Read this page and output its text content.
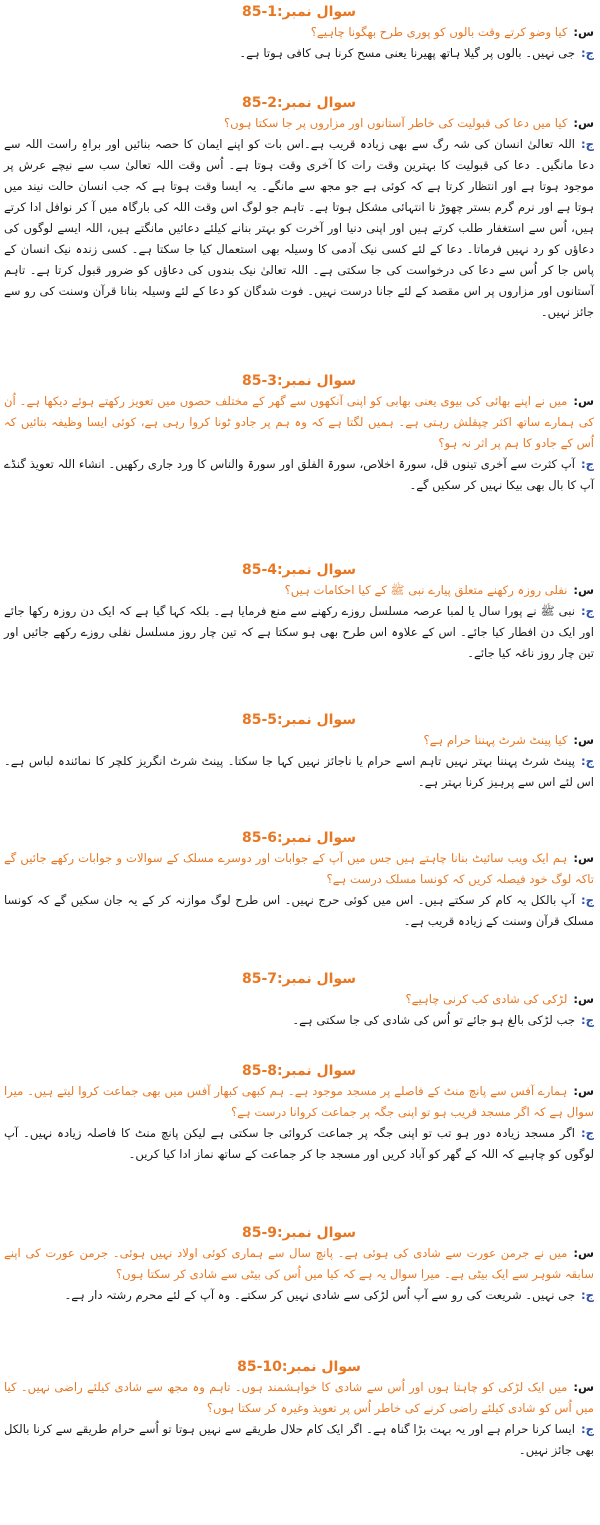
سوال نمبر:1-85
س:کیا وضو کرتے وقت بالوں کو پوری طرح بھگونا چاہیے؟
ج:جی نہیں۔ بالوں پر گیلا ہاتھ پھیرنا یعنی مسح کرنا ہی کافی ہوتا ہے۔
سوال نمبر:2-85
س:کیا میں دعا کی قبولیت کی خاطر آستانوں اور مزاروں پر جا سکتا ہوں؟
ج:اللہ تعالیٰ انسان کی شہ رگ سے بھی زیادہ قریب ہے۔اس بات کو اپنے ایمان کا حصہ بنائیں اور براہِ راست اللہ سے دعا مانگیں۔ دعا کی قبولیت کا بہترین وقت رات کا آخری وقت ہوتا ہے۔ اُس وقت اللہ تعالیٰ سب سے نیچے عرش پر موجود ہوتا ہے اور انتظار کرتا ہے کہ کوئی ہے جو مجھ سے مانگے۔ یہ ایسا وقت ہوتا ہے کہ جب انسان حالت نیند میں ہوتا ہے اور نرم گرم بستر چھوڑ نا انتہائی مشکل ہوتا ہے۔ تاہم جو لوگ اس وقت اللہ کی بارگاہ میں آ کر نوافل ادا کرتے ہیں، اُس سے استغفار طلب کرتے ہیں اور اپنی دنیا اور آخرت کو بہتر بنانے کیلئے دعائیں مانگتے ہیں، اللہ ایسے لوگوں کی دعاؤں کو رد نہیں فرماتا۔ دعا کے لئے کسی نیک آدمی کا وسیلہ بھی استعمال کیا جا سکتا ہے۔ کسی زندہ نیک انسان کے پاس جا کر اُس سے دعا کی درخواست کی جا سکتی ہے۔ اللہ تعالیٰ نیک بندوں کی دعاؤں کو ضرور قبول کرتا ہے۔ تاہم آستانوں اور مزاروں پر اس مقصد کے لئے جانا درست نہیں۔ فوت شدگان کو دعا کے لئے وسیلہ بنانا قرآن وسنت کی رو سے جائز نہیں۔
سوال نمبر:3-85
س:میں نے اپنے بھائی کی بیوی یعنی بھابی کو اپنی آنکھوں سے گھر کے مختلف حصوں میں تعویز رکھتے ہوئے دیکھا ہے۔ اُن کی ہمارے ساتھ اکثر چپقلش رہتی ہے۔ ہمیں لگتا ہے کہ وہ ہم پر جادو ٹونا کروا رہی ہے، کوئی ایسا وظیفہ بتائیں کہ اُس کے جادو کا ہم پر اثر نہ ہو؟
ج:آپ کثرت سے آخری تینوں قل، سورۃ اخلاص، سورۃ الفلق اور سورۃ والناس کا ورد جاری رکھیں۔ انشاء اللہ تعویذ گنڈے آپ کا بال بھی بیکا نہیں کر سکیں گے۔
سوال نمبر:4-85
س:نفلی روزہ رکھنے متعلق پیارے نبی ﷺ کے کیا احکامات ہیں؟
ج:نبی ﷺ نے پورا سال یا لمبا عرصہ مسلسل روزے رکھنے سے منع فرمایا ہے۔ بلکہ کہا گیا ہے کہ ایک دن روزہ رکھا جائے اور ایک دن افطار کیا جائے۔ اس کے علاوہ اس طرح بھی ہو سکتا ہے کہ تین چار روز مسلسل نفلی روزے رکھے جائیں اور تین چار روز ناغہ کیا جائے۔
سوال نمبر:5-85
س:کیا پینٹ شرٹ پہننا حرام ہے؟
ج:پینٹ شرٹ پہننا بہتر نہیں تاہم اسے حرام یا ناجائز نہیں کہا جا سکتا۔ پینٹ شرٹ انگریز کلچر کا نمائندہ لباس ہے۔ اس لئے اس سے پرہیز کرنا بہتر ہے۔
سوال نمبر:6-85
س:ہم ایک ویب سائیٹ بنانا چاہتے ہیں جس میں آپ کے جوابات اور دوسرے مسلک کے سوالات و جوابات رکھے جائیں گے تاکہ لوگ خود فیصلہ کریں کہ کونسا مسلک درست ہے؟
ج:آپ بالکل یہ کام کر سکتے ہیں۔ اس میں کوئی حرج نہیں۔ اس طرح لوگ موازنہ کر کے یہ جان سکیں گے کہ کونسا مسلک قرآن وسنت کے زیادہ قریب ہے۔
سوال نمبر:7-85
س:لڑکی کی شادی کب کرنی چاہیے؟
ج:جب لڑکی بالغ ہو جائے تو اُس کی شادی کی جا سکتی ہے۔
سوال نمبر:8-85
س:ہمارے آفس سے پانچ منٹ کے فاصلے پر مسجد موجود ہے۔ ہم کبھی کبھار آفس میں بھی جماعت کروا لیتے ہیں۔ میرا سوال ہے کہ اگر مسجد قریب ہو تو اپنی جگہ پر جماعت کروانا درست ہے؟
ج:اگر مسجد زیادہ دور ہو تب تو اپنی جگہ پر جماعت کروائی جا سکتی ہے لیکن پانچ منٹ کا فاصلہ زیادہ نہیں۔ آپ لوگوں کو چاہیے کہ اللہ کے گھر کو آباد کریں اور مسجد جا کر جماعت کے ساتھ نماز ادا کیا کریں۔
سوال نمبر:9-85
س:میں نے جرمن عورت سے شادی کی ہوئی ہے۔ پانچ سال سے ہماری کوئی اولاد نہیں ہوئی۔ جرمن عورت کی اپنے سابقہ شوہر سے ایک بیٹی ہے۔ میرا سوال یہ ہے کہ کیا میں اُس کی بیٹی سے شادی کر سکتا ہوں؟
ج:جی نہیں۔ شریعت کی رو سے آپ اُس لڑکی سے شادی نہیں کر سکتے۔ وہ آپ کے لئے محرم رشتہ دار ہے۔
سوال نمبر:10-85
س:میں ایک لڑکی کو چاہتا ہوں اور اُس سے شادی کا خواہشمند ہوں۔ تاہم وہ مجھ سے شادی کیلئے راضی نہیں۔ کیا میں اُس کو شادی کیلئے راضی کرنے کی خاطر اُس پر تعویذ وغیرہ کر سکتا ہوں؟
ج:ایسا کرنا حرام ہے اور یہ بہت بڑا گناہ ہے۔ اگر ایک کام حلال طریقے سے نہیں ہوتا تو اُسے حرام طریقے سے کرنا بالکل بھی جائز نہیں۔
